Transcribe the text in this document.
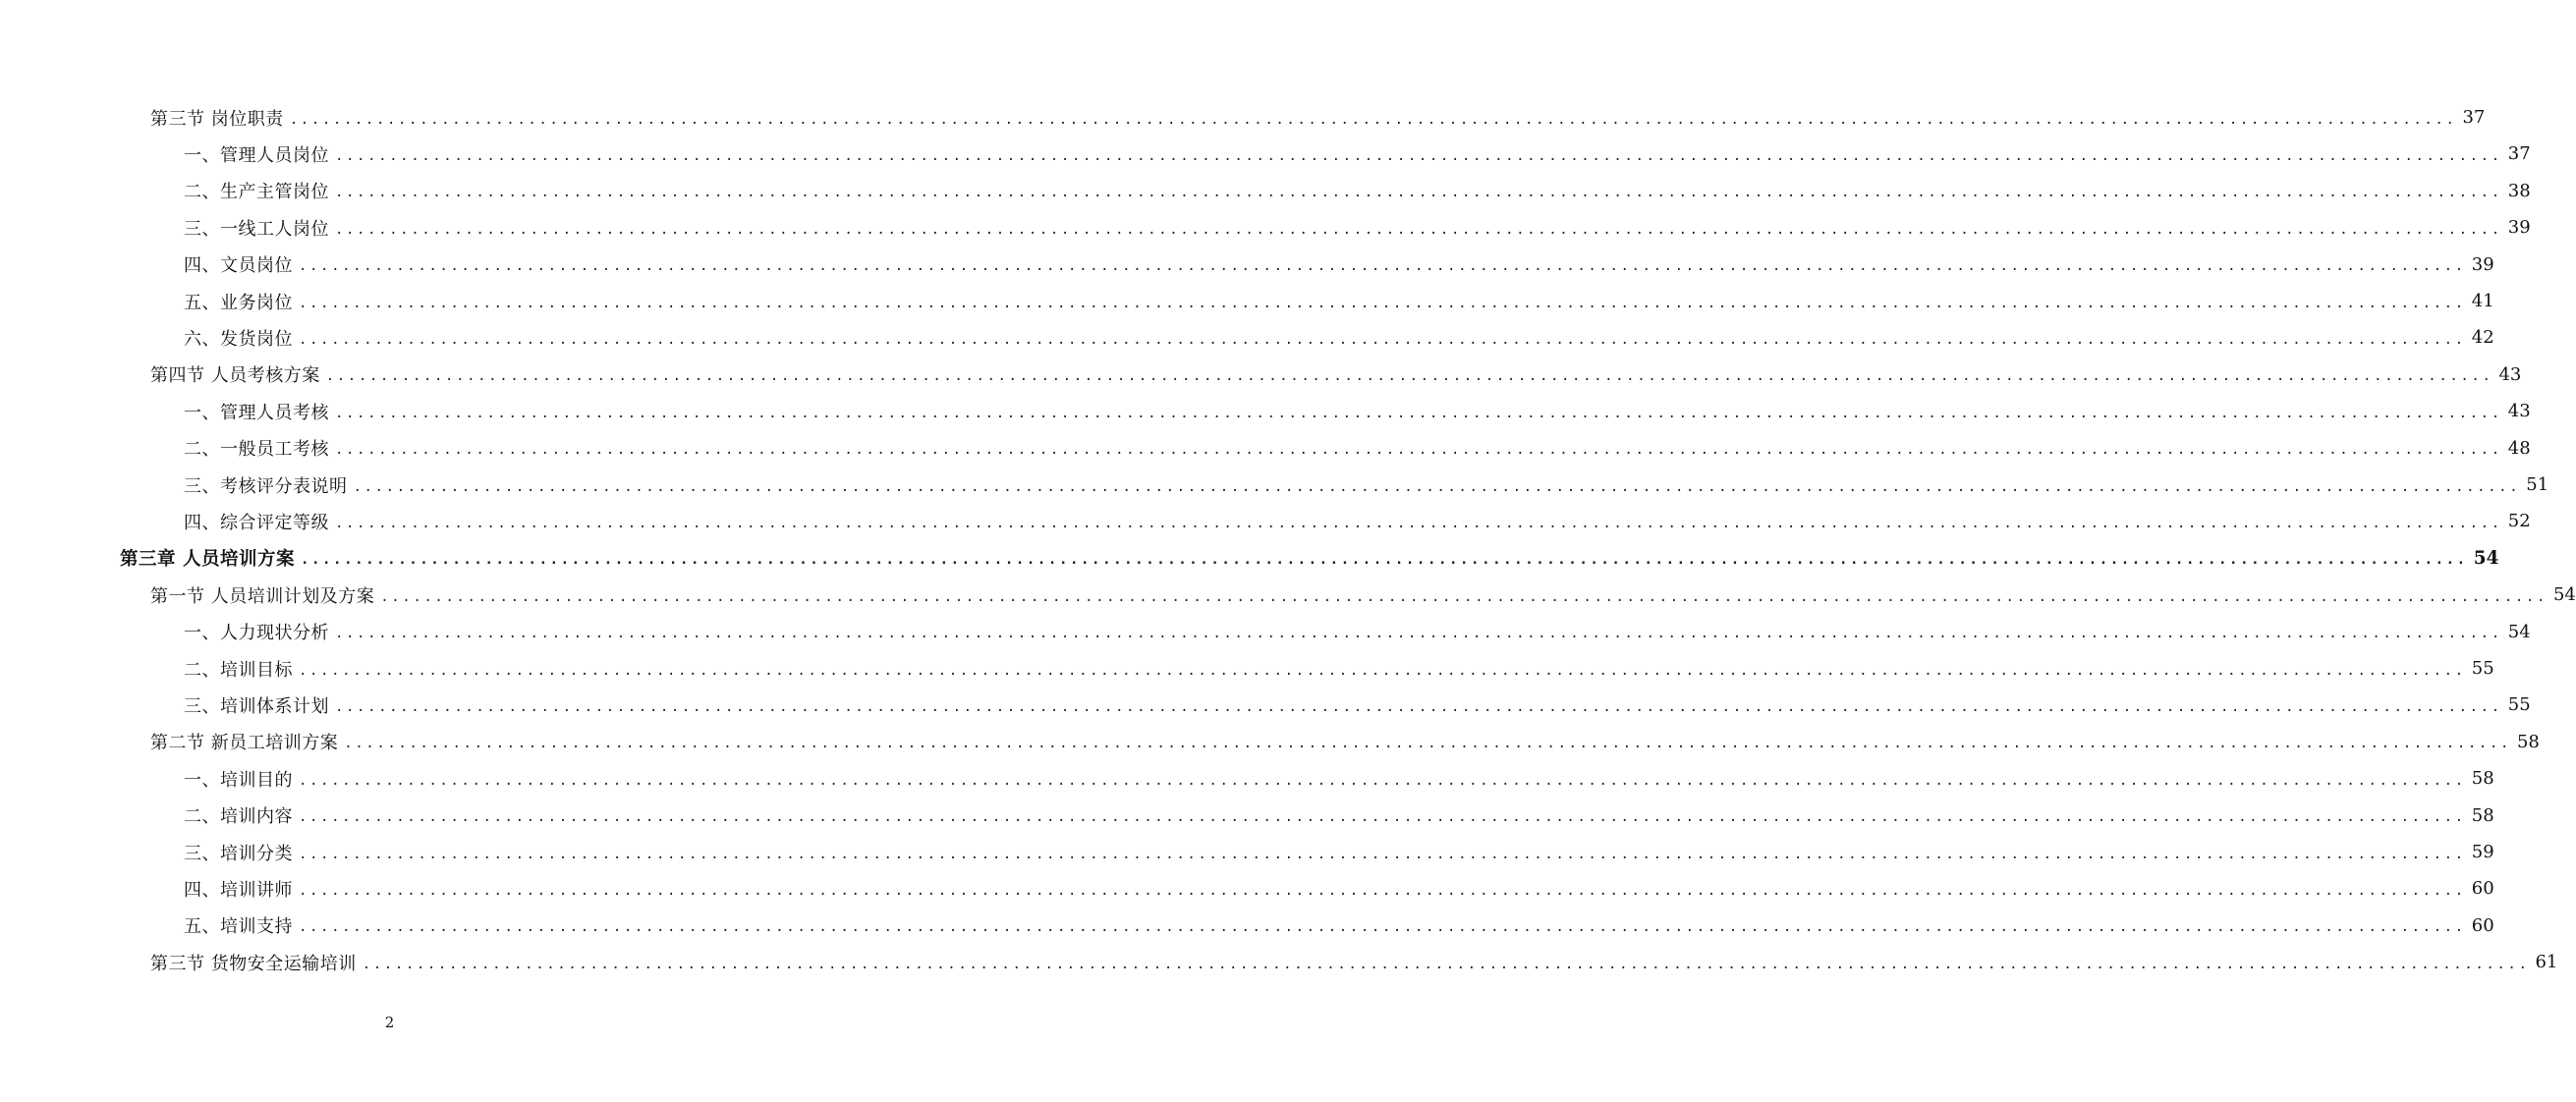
第三节 岗位职责 ........................................................................................................................................................................................................ 37
一、管理人员岗位 ........................................................................................................................................................................................................ 37
二、生产主管岗位 ........................................................................................................................................................................................................ 38
三、一线工人岗位 ........................................................................................................................................................................................................ 39
四、文员岗位 ........................................................................................................................................................................................................ 39
五、业务岗位 ........................................................................................................................................................................................................ 41
六、发货岗位 ........................................................................................................................................................................................................ 42
第四节 人员考核方案 ........................................................................................................................................................................................................ 43
一、管理人员考核 ........................................................................................................................................................................................................ 43
二、一般员工考核 ........................................................................................................................................................................................................ 48
三、考核评分表说明 ........................................................................................................................................................................................................ 51
四、综合评定等级 ........................................................................................................................................................................................................ 52
第三章 人员培训方案 ........................................................................................................................................................................................................ 54
第一节 人员培训计划及方案 ........................................................................................................................................................................................................ 54
一、人力现状分析 ........................................................................................................................................................................................................ 54
二、培训目标 ........................................................................................................................................................................................................ 55
三、培训体系计划 ........................................................................................................................................................................................................ 55
第二节 新员工培训方案 ........................................................................................................................................................................................................ 58
一、培训目的 ........................................................................................................................................................................................................ 58
二、培训内容 ........................................................................................................................................................................................................ 58
三、培训分类 ........................................................................................................................................................................................................ 59
四、培训讲师 ........................................................................................................................................................................................................ 60
五、培训支持 ........................................................................................................................................................................................................ 60
第三节 货物安全运输培训 ........................................................................................................................................................................................................ 61
2
